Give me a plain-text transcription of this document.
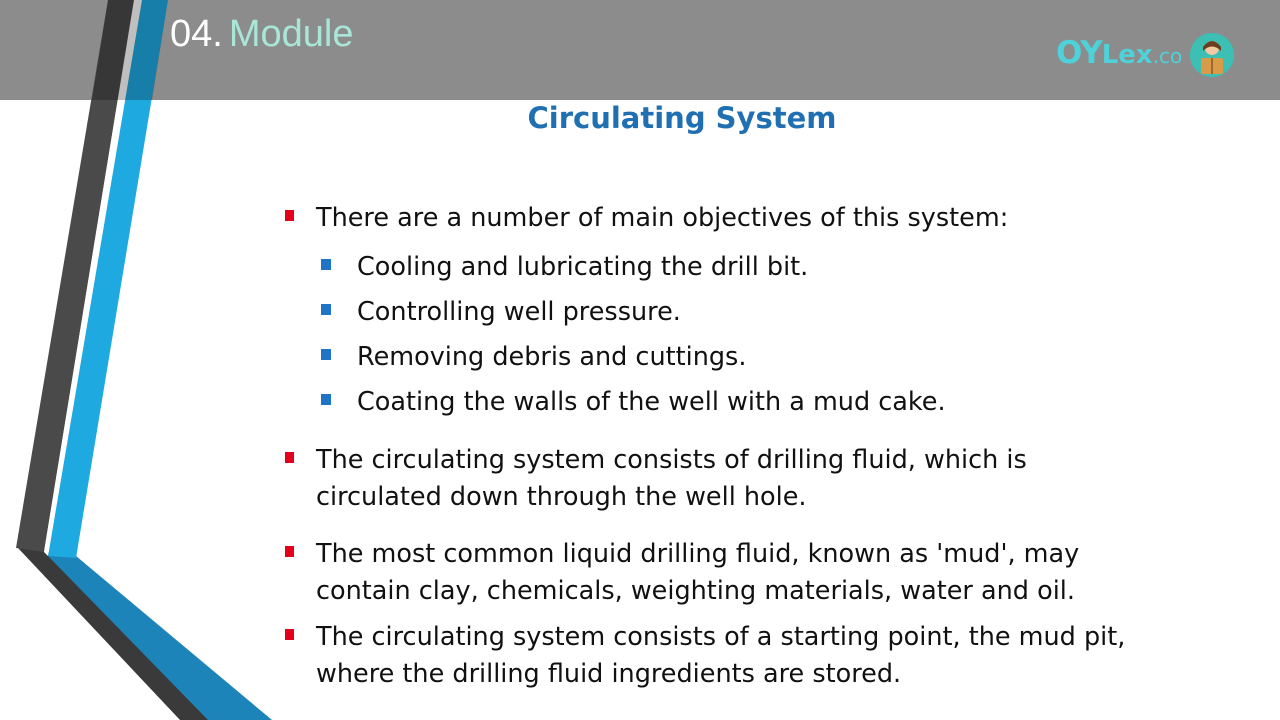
04. Module	OYLex.co
Circulating System
There are a number of main objectives of this system:
Cooling and lubricating the drill bit.
Controlling well pressure.
Removing debris and cuttings.
Coating the walls of the well with a mud cake.
The circulating system consists of drilling fluid, which is
circulated down through the well hole.
The most common liquid drilling fluid, known as 'mud', may
contain clay, chemicals, weighting materials, water and oil.
The circulating system consists of a starting point, the mud pit,
where the drilling fluid ingredients are stored.
